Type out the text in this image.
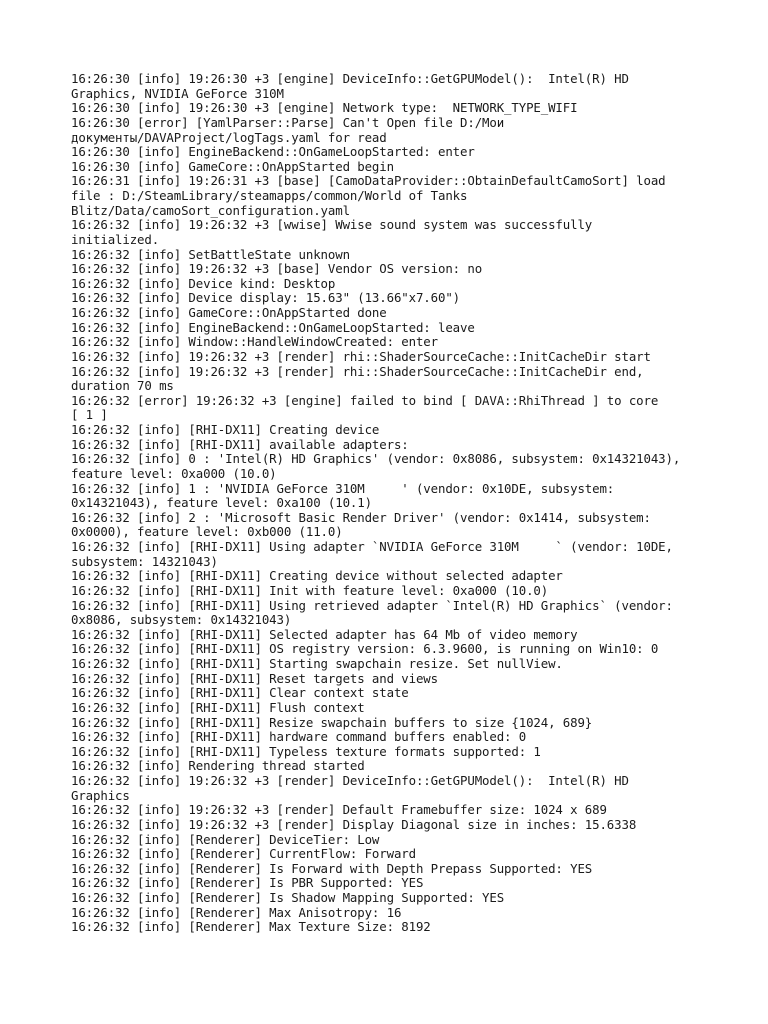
16:26:30 [info] 19:26:30 +3 [engine] DeviceInfo::GetGPUModel():  Intel(R) HD
Graphics, NVIDIA GeForce 310M
16:26:30 [info] 19:26:30 +3 [engine] Network type:  NETWORK_TYPE_WIFI
16:26:30 [error] [YamlParser::Parse] Can't Open file D:/Мои
документы/DAVAProject/logTags.yaml for read
16:26:30 [info] EngineBackend::OnGameLoopStarted: enter
16:26:30 [info] GameCore::OnAppStarted begin
16:26:31 [info] 19:26:31 +3 [base] [CamoDataProvider::ObtainDefaultCamoSort] load
file : D:/SteamLibrary/steamapps/common/World of Tanks
Blitz/Data/camoSort_configuration.yaml
16:26:32 [info] 19:26:32 +3 [wwise] Wwise sound system was successfully
initialized.
16:26:32 [info] SetBattleState unknown
16:26:32 [info] 19:26:32 +3 [base] Vendor OS version: no
16:26:32 [info] Device kind: Desktop
16:26:32 [info] Device display: 15.63" (13.66"x7.60")
16:26:32 [info] GameCore::OnAppStarted done
16:26:32 [info] EngineBackend::OnGameLoopStarted: leave
16:26:32 [info] Window::HandleWindowCreated: enter
16:26:32 [info] 19:26:32 +3 [render] rhi::ShaderSourceCache::InitCacheDir start
16:26:32 [info] 19:26:32 +3 [render] rhi::ShaderSourceCache::InitCacheDir end,
duration 70 ms
16:26:32 [error] 19:26:32 +3 [engine] failed to bind [ DAVA::RhiThread ] to core
[ 1 ]
16:26:32 [info] [RHI-DX11] Creating device
16:26:32 [info] [RHI-DX11] available adapters:
16:26:32 [info] 0 : 'Intel(R) HD Graphics' (vendor: 0x8086, subsystem: 0x14321043),
feature level: 0xa000 (10.0)
16:26:32 [info] 1 : 'NVIDIA GeForce 310M     ' (vendor: 0x10DE, subsystem:
0x14321043), feature level: 0xa100 (10.1)
16:26:32 [info] 2 : 'Microsoft Basic Render Driver' (vendor: 0x1414, subsystem:
0x0000), feature level: 0xb000 (11.0)
16:26:32 [info] [RHI-DX11] Using adapter `NVIDIA GeForce 310M     ` (vendor: 10DE,
subsystem: 14321043)
16:26:32 [info] [RHI-DX11] Creating device without selected adapter
16:26:32 [info] [RHI-DX11] Init with feature level: 0xa000 (10.0)
16:26:32 [info] [RHI-DX11] Using retrieved adapter `Intel(R) HD Graphics` (vendor:
0x8086, subsystem: 0x14321043)
16:26:32 [info] [RHI-DX11] Selected adapter has 64 Mb of video memory
16:26:32 [info] [RHI-DX11] OS registry version: 6.3.9600, is running on Win10: 0
16:26:32 [info] [RHI-DX11] Starting swapchain resize. Set nullView.
16:26:32 [info] [RHI-DX11] Reset targets and views
16:26:32 [info] [RHI-DX11] Clear context state
16:26:32 [info] [RHI-DX11] Flush context
16:26:32 [info] [RHI-DX11] Resize swapchain buffers to size {1024, 689}
16:26:32 [info] [RHI-DX11] hardware command buffers enabled: 0
16:26:32 [info] [RHI-DX11] Typeless texture formats supported: 1
16:26:32 [info] Rendering thread started
16:26:32 [info] 19:26:32 +3 [render] DeviceInfo::GetGPUModel():  Intel(R) HD
Graphics
16:26:32 [info] 19:26:32 +3 [render] Default Framebuffer size: 1024 x 689
16:26:32 [info] 19:26:32 +3 [render] Display Diagonal size in inches: 15.6338
16:26:32 [info] [Renderer] DeviceTier: Low
16:26:32 [info] [Renderer] CurrentFlow: Forward
16:26:32 [info] [Renderer] Is Forward with Depth Prepass Supported: YES
16:26:32 [info] [Renderer] Is PBR Supported: YES
16:26:32 [info] [Renderer] Is Shadow Mapping Supported: YES
16:26:32 [info] [Renderer] Max Anisotropy: 16
16:26:32 [info] [Renderer] Max Texture Size: 8192
